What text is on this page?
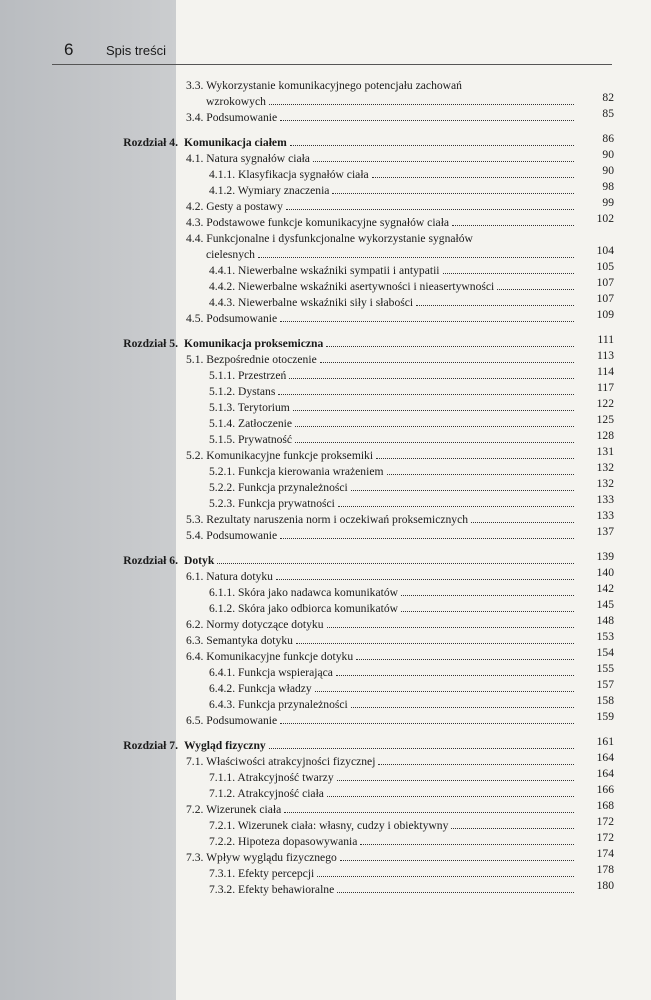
6	Spis treści
3.3. Wykorzystanie komunikacyjnego potencjału zachowań
wzrokowych	82
3.4. Podsumowanie	85
Rozdział 4. Komunikacja ciałem	86
4.1. Natura sygnałów ciała	90
4.1.1. Klasyfikacja sygnałów ciała	90
4.1.2. Wymiary znaczenia	98
4.2. Gesty a postawy	99
4.3. Podstawowe funkcje komunikacyjne sygnałów ciała	102
4.4. Funkcjonalne i dysfunkcjonalne wykorzystanie sygnałów
cielesnych	104
4.4.1. Niewerbalne wskaźniki sympatii i antypatii	105
4.4.2. Niewerbalne wskaźniki asertywności i nieasertywności	107
4.4.3. Niewerbalne wskaźniki siły i słabości	107
4.5. Podsumowanie	109
Rozdział 5. Komunikacja proksemiczna	111
5.1. Bezpośrednie otoczenie	113
5.1.1. Przestrzeń	114
5.1.2. Dystans	117
5.1.3. Terytorium	122
5.1.4. Zatłoczenie	125
5.1.5. Prywatność	128
5.2. Komunikacyjne funkcje proksemiki	131
5.2.1. Funkcja kierowania wrażeniem	132
5.2.2. Funkcja przynależności	132
5.2.3. Funkcja prywatności	133
5.3. Rezultaty naruszenia norm i oczekiwań proksemicznych	133
5.4. Podsumowanie	137
Rozdział 6. Dotyk	139
6.1. Natura dotyku	140
6.1.1. Skóra jako nadawca komunikatów	142
6.1.2. Skóra jako odbiorca komunikatów	145
6.2. Normy dotyczące dotyku	148
6.3. Semantyka dotyku	153
6.4. Komunikacyjne funkcje dotyku	154
6.4.1. Funkcja wspierająca	155
6.4.2. Funkcja władzy	157
6.4.3. Funkcja przynależności	158
6.5. Podsumowanie	159
Rozdział 7. Wygląd fizyczny	161
7.1. Właściwości atrakcyjności fizycznej	164
7.1.1. Atrakcyjność twarzy	164
7.1.2. Atrakcyjność ciała	166
7.2. Wizerunek ciała	168
7.2.1. Wizerunek ciała: własny, cudzy i obiektywny	172
7.2.2. Hipoteza dopasowywania	172
7.3. Wpływ wyglądu fizycznego	174
7.3.1. Efekty percepcji	178
7.3.2. Efekty behawioralne	180
